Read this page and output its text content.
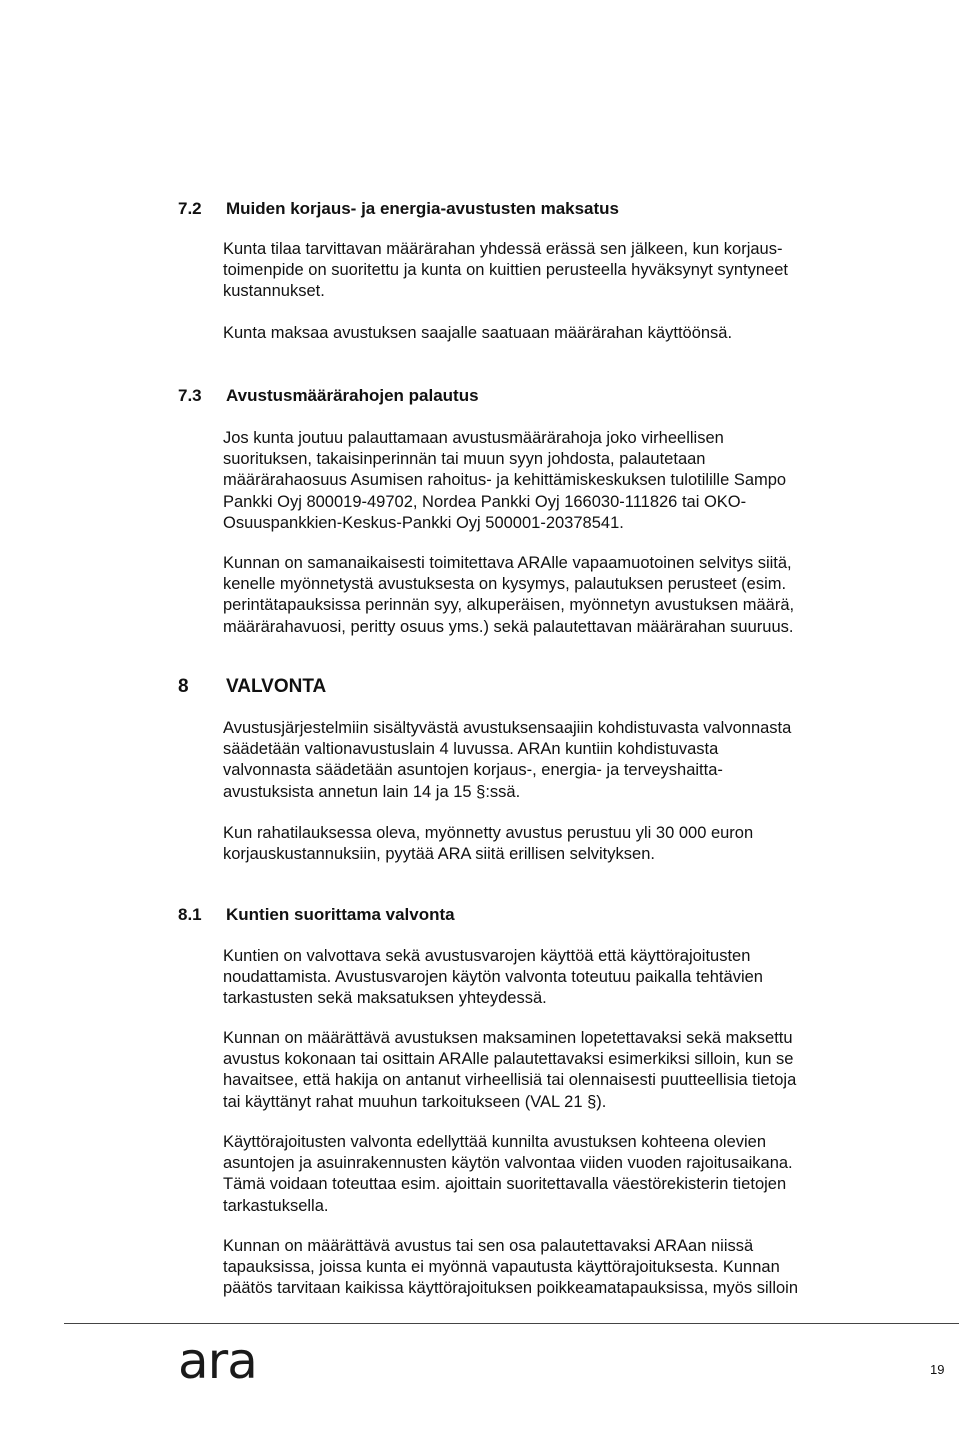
7.2 Muiden korjaus- ja energia-avustusten maksatus

Kunta tilaa tarvittavan määrärahan yhdessä erässä sen jälkeen, kun korjaus-
toimenpide on suoritettu ja kunta on kuittien perusteella hyväksynyt syntyneet
kustannukset.

Kunta maksaa avustuksen saajalle saatuaan määrärahan käyttöönsä.

7.3 Avustusmäärärahojen palautus

Jos kunta joutuu palauttamaan avustusmäärärahoja joko virheellisen
suorituksen, takaisinperinnän tai muun syyn johdosta, palautetaan
määrärahaosuus Asumisen rahoitus- ja kehittämiskeskuksen tulotilille Sampo
Pankki Oyj 800019-49702, Nordea Pankki Oyj 166030-111826 tai OKO-
Osuuspankkien-Keskus-Pankki Oyj 500001-20378541.

Kunnan on samanaikaisesti toimitettava ARAlle vapaamuotoinen selvitys siitä,
kenelle myönnetystä avustuksesta on kysymys, palautuksen perusteet (esim.
perintätapauksissa perinnän syy, alkuperäisen, myönnetyn avustuksen määrä,
määrärahavuosi, peritty osuus yms.) sekä palautettavan määrärahan suuruus.

8 VALVONTA

Avustusjärjestelmiin sisältyvästä avustuksensaajiin kohdistuvasta valvonnasta
säädetään valtionavustuslain 4 luvussa. ARAn kuntiin kohdistuvasta
valvonnasta säädetään asuntojen korjaus-, energia- ja terveyshaitta-
avustuksista annetun lain 14 ja 15 §:ssä.

Kun rahatilauksessa oleva, myönnetty avustus perustuu yli 30 000 euron
korjauskustannuksiin, pyytää ARA siitä erillisen selvityksen.

8.1 Kuntien suorittama valvonta

Kuntien on valvottava sekä avustusvarojen käyttöä että käyttörajoitusten
noudattamista. Avustusvarojen käytön valvonta toteutuu paikalla tehtävien
tarkastusten sekä maksatuksen yhteydessä.

Kunnan on määrättävä avustuksen maksaminen lopetettavaksi sekä maksettu
avustus kokonaan tai osittain ARAlle palautettavaksi esimerkiksi silloin, kun se
havaitsee, että hakija on antanut virheellisiä tai olennaisesti puutteellisia tietoja
tai käyttänyt rahat muuhun tarkoitukseen (VAL 21 §).

Käyttörajoitusten valvonta edellyttää kunnilta avustuksen kohteena olevien
asuntojen ja asuinrakennusten käytön valvontaa viiden vuoden rajoitusaikana.
Tämä voidaan toteuttaa esim. ajoittain suoritettavalla väestörekisterin tietojen
tarkastuksella.

Kunnan on määrättävä avustus tai sen osa palautettavaksi ARAan niissä
tapauksissa, joissa kunta ei myönnä vapautusta käyttörajoituksesta. Kunnan
päätös tarvitaan kaikissa käyttörajoituksen poikkeamatapauksissa, myös silloin

ara	19
